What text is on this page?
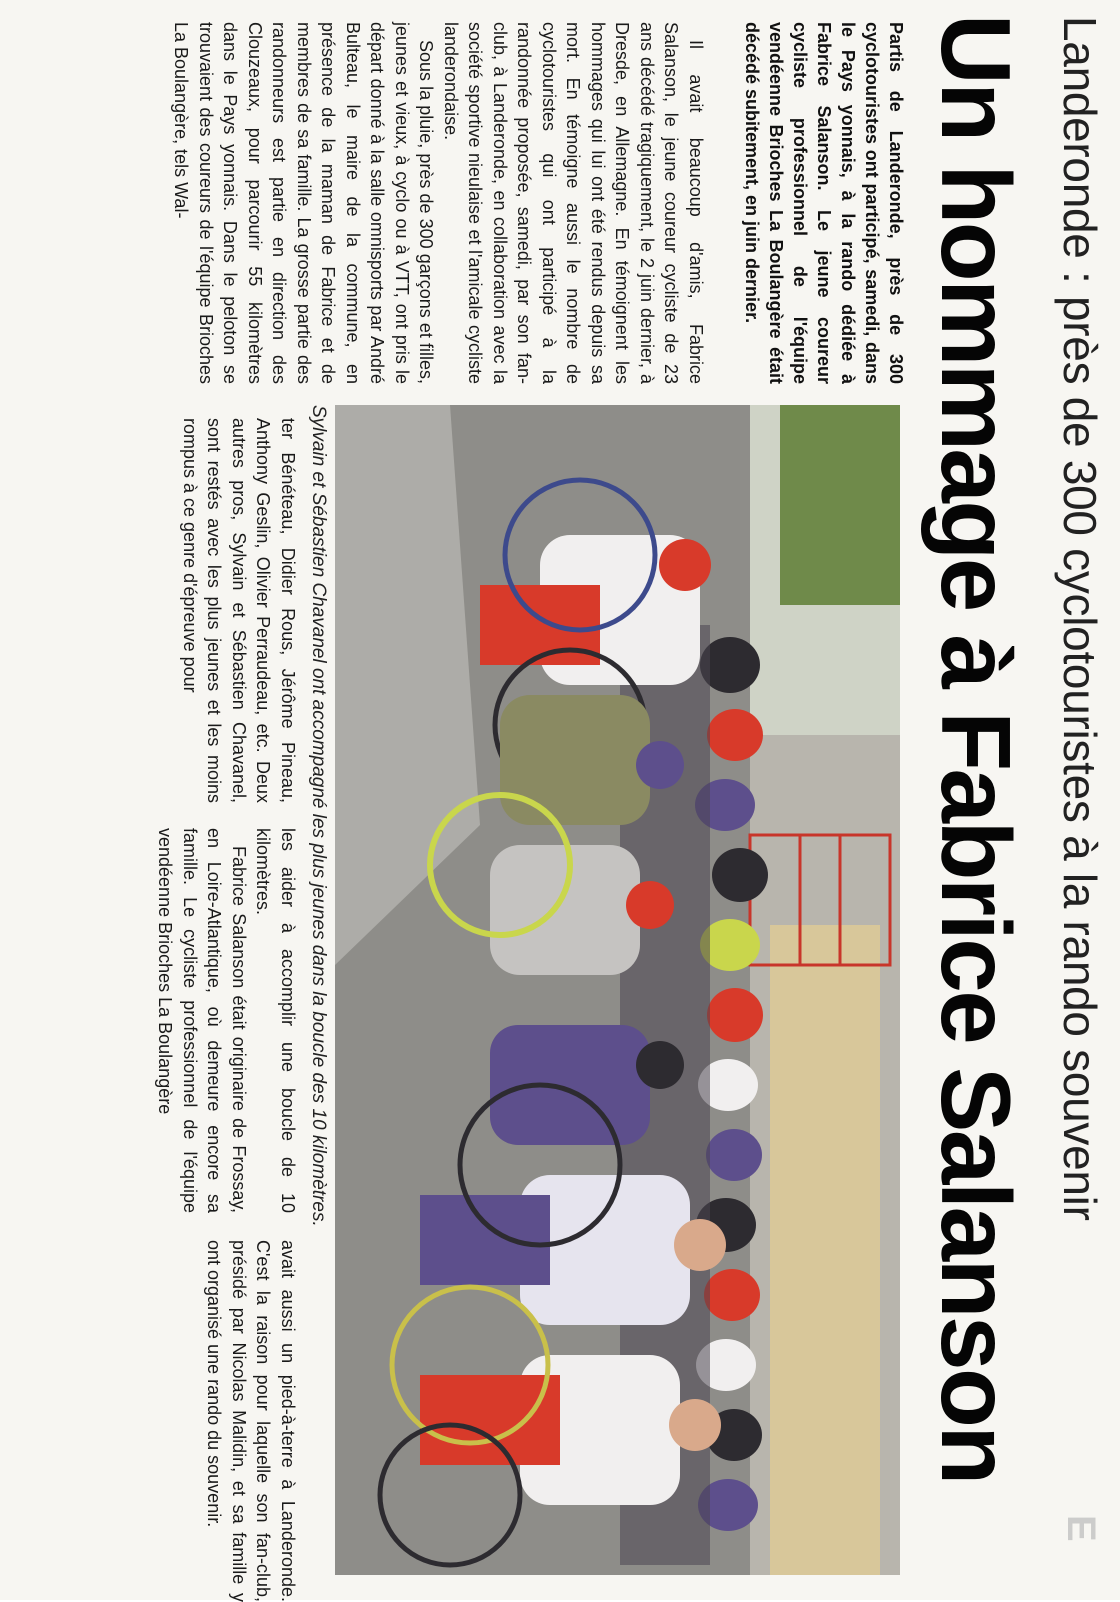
E
Landeronde : près de 300 cyclotouristes à la rando souvenir
Un hommage à Fabrice Salanson
Partis de Landeronde, près de 300 cyclotouristes ont participé, samedi, dans le Pays yonnais, à la rando dédiée à Fabrice Salanson. Le jeune coureur cycliste professionnel de l'équipe vendéenne Brioches La Boulangère était décédé subitement, en juin dernier.

Il avait beaucoup d'amis, Fabrice Salanson, le jeune coureur cycliste de 23 ans décédé tragiquement, le 2 juin dernier, à Dresde, en Allemagne. En témoignent les hommages qui lui ont été rendus depuis sa mort. En témoigne aussi le nombre de cyclotouristes qui ont participé à la randonnée proposée, samedi, par son fan-club, à Landeronde, en collaboration avec la société sportive nieulaise et l'amicale cycliste landerondaise.

Sous la pluie, près de 300 garçons et filles, jeunes et vieux, à cyclo ou à VTT, ont pris le départ donné à la salle omnisports par André Bulteau, le maire de la commune, en présence de la maman de Fabrice et de membres de sa famille. La grosse partie des randonneurs est partie en direction des Clouzeaux, pour parcourir 55 kilomètres dans le Pays yonnais. Dans le peloton se trouvaient des coureurs de l'équipe Brioches La Boulangère, tels Wal-

Sylvain et Sébastien Chavanel ont accompagné les plus jeunes dans la boucle des 10 kilomètres.

ter Bénéteau, Didier Rous, Jérôme Pineau, Anthony Geslin, Olivier Perraudeau, etc. Deux autres pros, Sylvain et Sébastien Chavanel, sont restés avec les plus jeunes et les moins rompus à ce genre d'épreuve pour

les aider à accomplir une boucle de 10 kilomètres.

Fabrice Salanson était originaire de Frossay, en Loire-Atlantique, où demeure encore sa famille. Le cycliste professionnel de l'équipe vendéenne Brioches La Boulangère

avait aussi un pied-à-terre à Landeronde. C'est la raison pour laquelle son fan-club, présidé par Nicolas Malidin, et sa famille y ont organisé une rando du souvenir.
